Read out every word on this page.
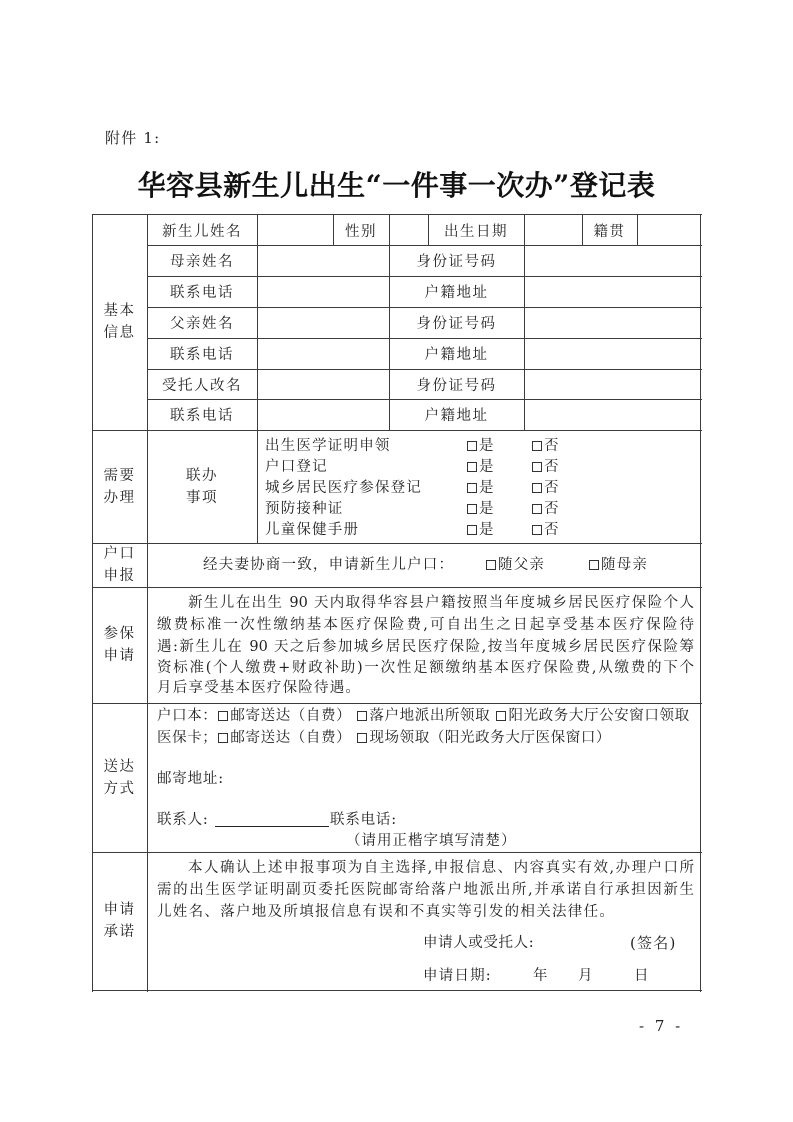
附件 1:
华容县新生儿出生“一件事一次办”登记表
基本
信息
新生儿姓名	性别	出生日期	籍贯
母亲姓名	身份证号码
联系电话	户籍地址
父亲姓名	身份证号码
联系电话	户籍地址
受托人改名	身份证号码
联系电话	户籍地址
需要
办理
联办
事项
出生医学证明申领	是	否
户口登记	是	否
城乡居民医疗参保登记	是	否
预防接种证	是	否
儿童保健手册	是	否
户口
申报
经夫妻协商一致，申请新生儿户口：	随父亲	随母亲
参保
申请
新生儿在出生 90 天内取得华容县户籍按照当年度城乡居民医疗保险个人
缴费标准一次性缴纳基本医疗保险费,可自出生之日起享受基本医疗保险待
遇:新生儿在 90 天之后参加城乡居民医疗保险,按当年度城乡居民医疗保险筹
资标准(个人缴费+财政补助)一次性足额缴纳基本医疗保险费,从缴费的下个
月后享受基本医疗保险待遇。
送达
方式
户口本： 邮寄送达（自费） 落户地派出所领取 阳光政务大厅公安窗口领取
医保卡； 邮寄送达（自费） 现场领取（阳光政务大厅医保窗口）
邮寄地址:
联系人:	联系电话:
（请用正楷字填写清楚）
申请
承诺
本人确认上述申报事项为自主选择,申报信息、内容真实有效,办理户口所
需的出生医学证明副页委托医院邮寄给落户地派出所,并承诺自行承担因新生
儿姓名、落户地及所填报信息有误和不真实等引发的相关法律任。
申请人或受托人:	(签名)
申请日期:	年 月	日
- 7 -
